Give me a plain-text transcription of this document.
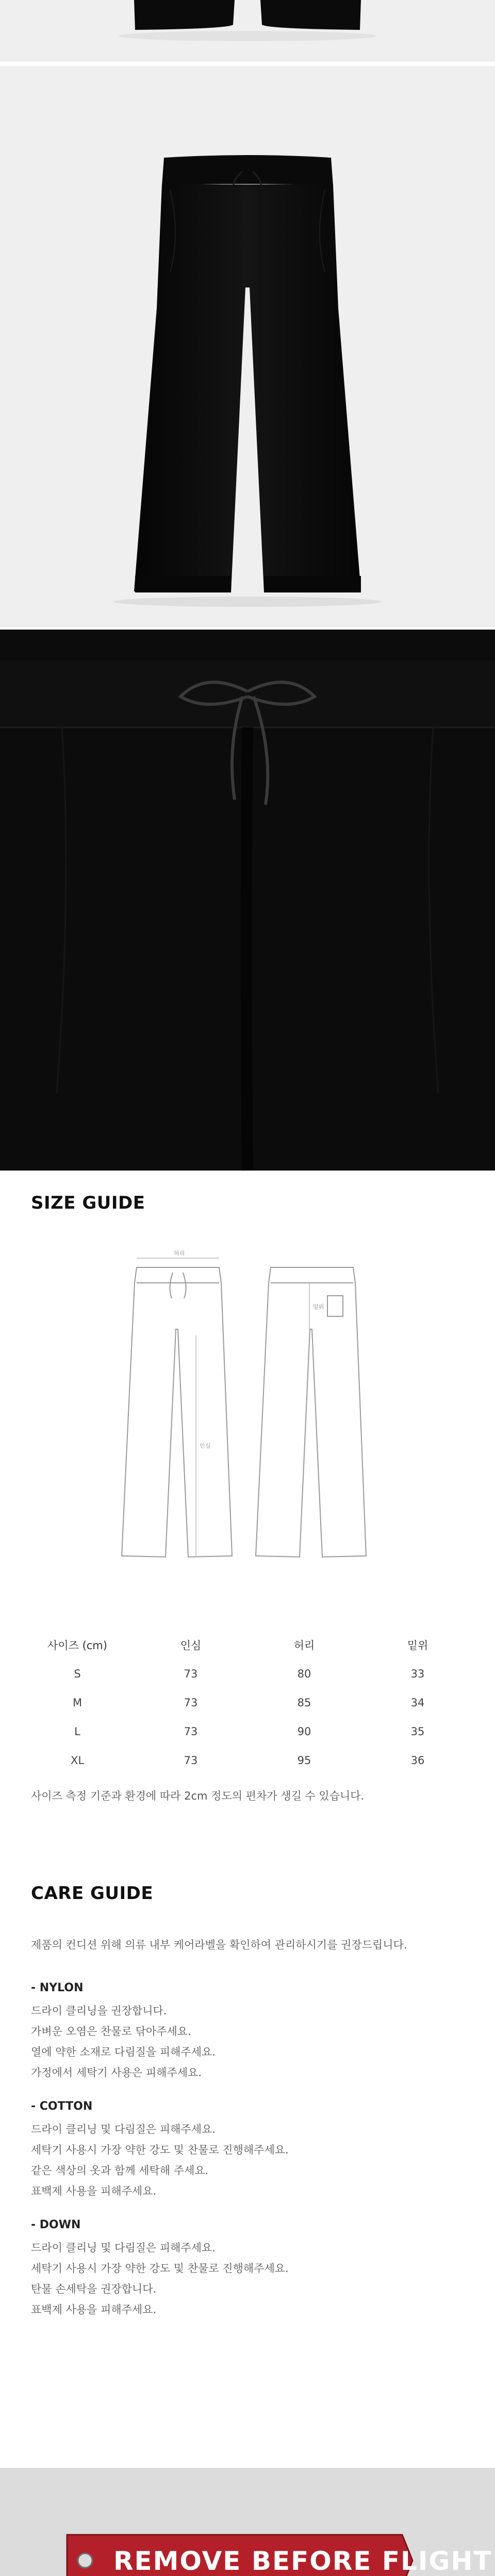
SIZE GUIDE
허리
인심
밑위
사이즈 (cm)	인심	허리	밑위
S	73	80	33
M	73	85	34
L	73	90	35
XL	73	95	36
사이즈 측정 기준과 환경에 따라 2cm 정도의 편차가 생길 수 있습니다.
CARE GUIDE
제품의 컨디션 위해 의류 내부 케어라벨을 확인하여 관리하시기를 권장드립니다.
- NYLON
드라이 클리닝을 권장합니다.
가벼운 오염은 찬물로 닦아주세요.
열에 약한 소재로 다림질을 피해주세요.
가정에서 세탁기 사용은 피해주세요.
- COTTON
드라이 클리닝 및 다림질은 피해주세요.
세탁기 사용시 가장 약한 강도 및 찬물로 진행해주세요.
같은 색상의 옷과 함께 세탁해 주세요.
표백제 사용을 피해주세요.
- DOWN
드라이 클리닝 및 다림질은 피해주세요.
세탁기 사용시 가장 약한 강도 및 찬물로 진행해주세요.
탄물 손세탁을 권장합니다.
표백제 사용을 피해주세요.
REMOVE BEFORE FLIGHT
